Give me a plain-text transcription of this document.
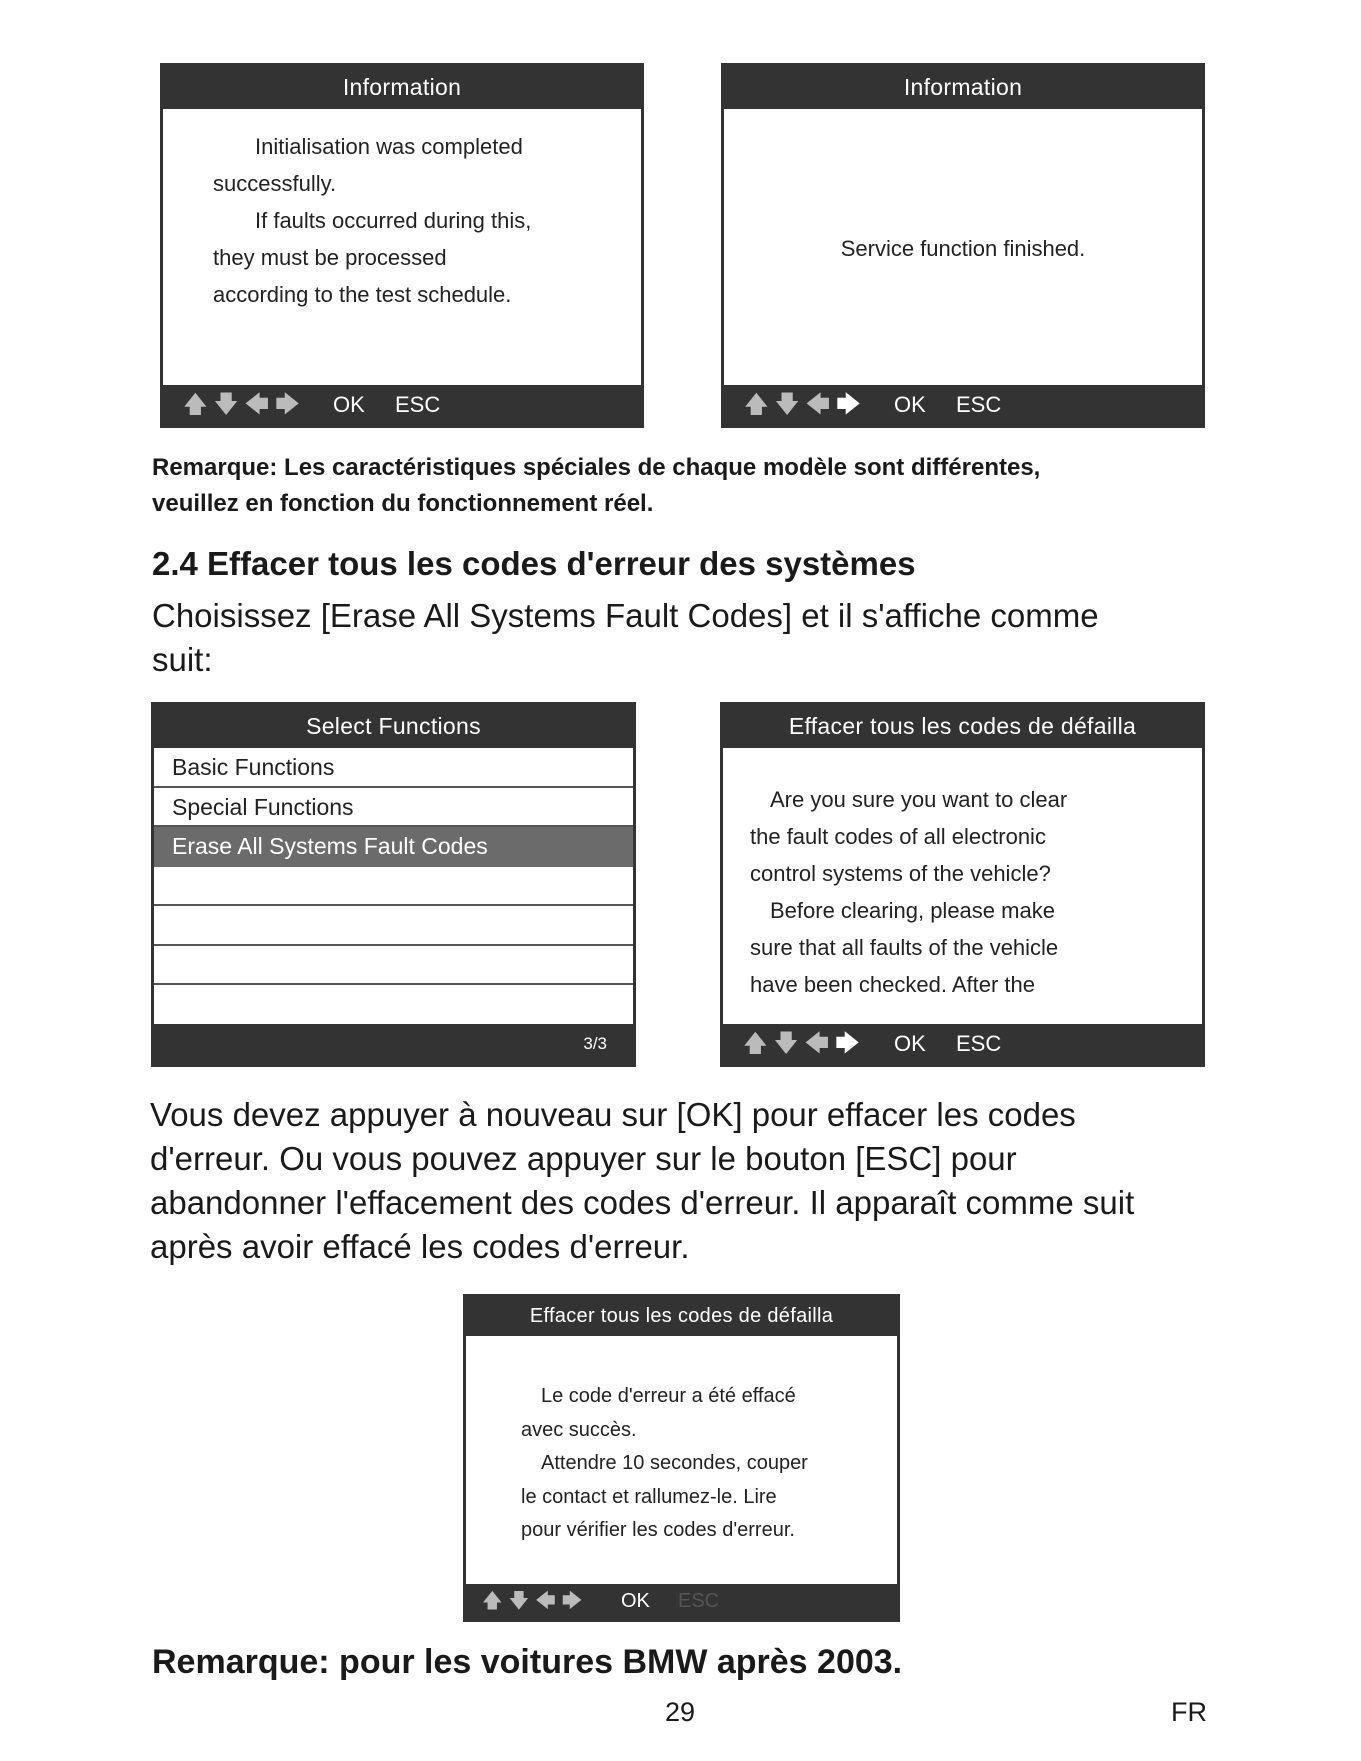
Information

Initialisation was completed

successfully.

If faults occurred during this,

they must be processed

according to the test schedule.

🡅 🡇 🡄 🡆 OK ESC
Information

Service function finished.

🡅 🡇 🡄 🡆 OK ESC
Remarque: Les caractéristiques spéciales de chaque modèle sont différentes,
veuillez en fonction du fonctionnement réel.
2.4 Effacer tous les codes d'erreur des systèmes
Choisissez [Erase All Systems Fault Codes] et il s'affiche comme
suit:
Select Functions
Basic Functions
Special Functions
Erase All Systems Fault Codes
3/3
Effacer tous les codes de défailla

Are you sure you want to clear

the fault codes of all electronic

control systems of the vehicle?

Before clearing, please make

sure that all faults of the vehicle

have been checked. After the

🡅 🡇 🡄 🡆 OK ESC
Vous devez appuyer à nouveau sur [OK] pour effacer les codes
d'erreur. Ou vous pouvez appuyer sur le bouton [ESC] pour
abandonner l'effacement des codes d'erreur. Il apparaît comme suit
après avoir effacé les codes d'erreur.
Effacer tous les codes de défailla

Le code d'erreur a été effacé

avec succès.

Attendre 10 secondes, couper

le contact et rallumez-le. Lire

pour vérifier les codes d'erreur.

🡅 🡇 🡄 🡆 OK ESC
Remarque: pour les voitures BMW après 2003.
29	FR
